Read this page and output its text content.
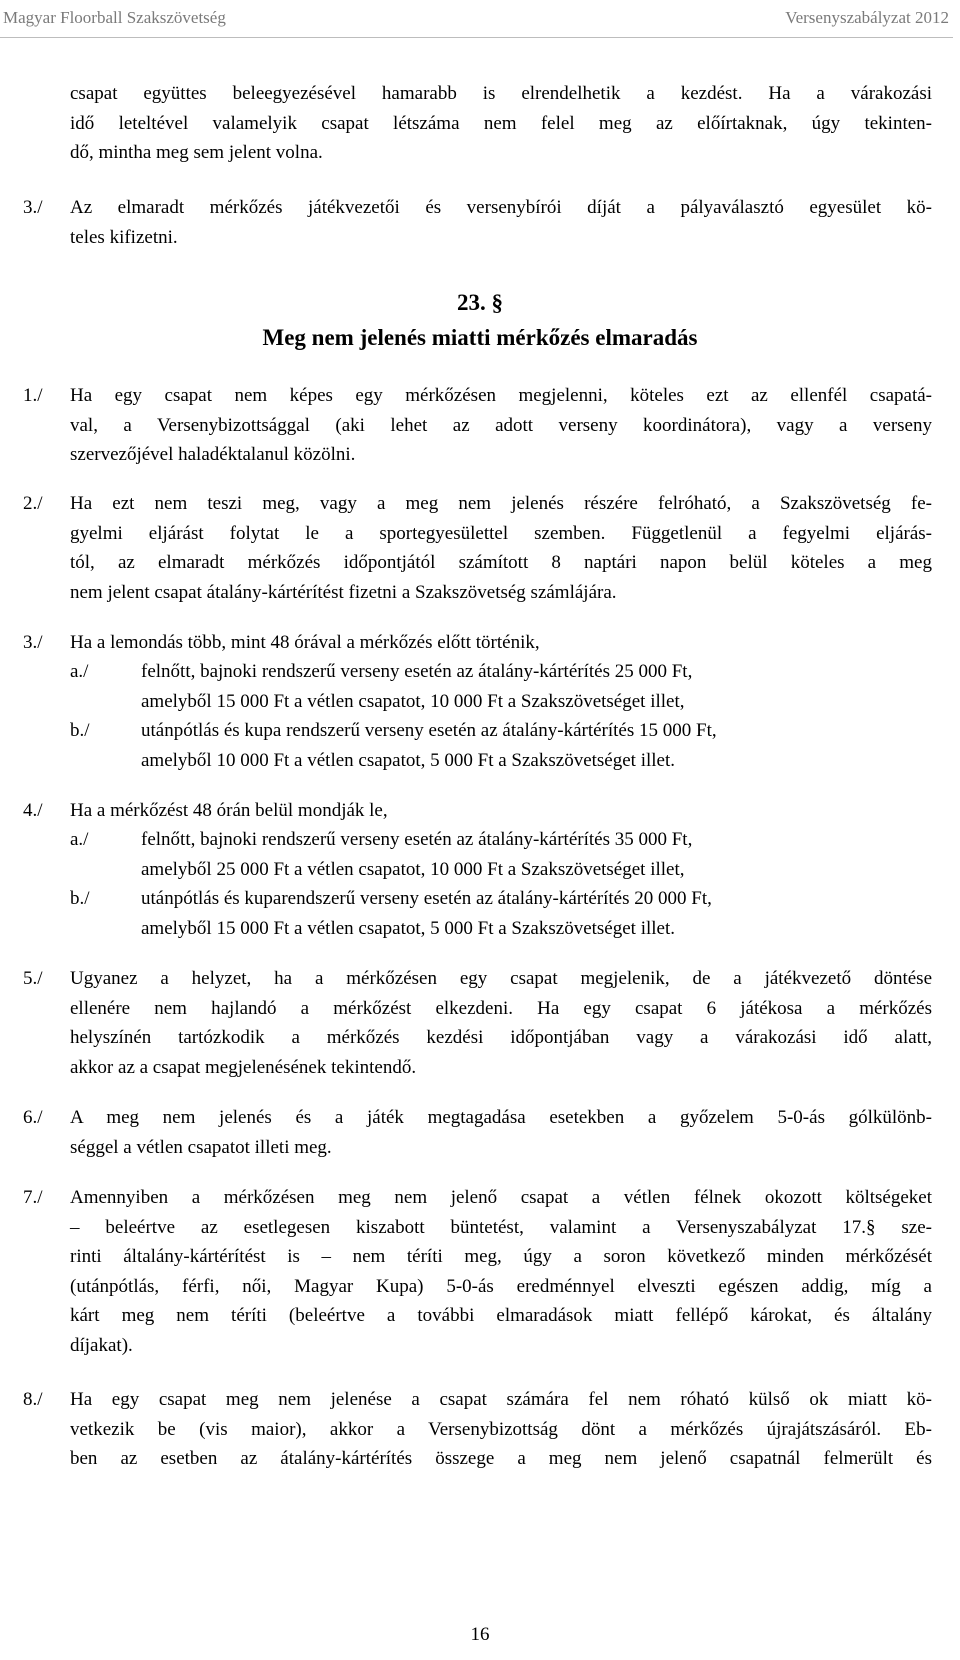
Magyar Floorball Szakszövetség	Versenyszabályzat 2012
csapat együttes beleegyezésével hamarabb is elrendelhetik a kezdést. Ha a várakozási
idő leteltével valamelyik csapat létszáma nem felel meg az előírtaknak, úgy tekinten-
dő, mintha meg sem jelent volna.
3./ Az elmaradt mérkőzés játékvezetői és versenybírói díját a pályaválasztó egyesület kö-
teles kifizetni.
23. §
Meg nem jelenés miatti mérkőzés elmaradás
1./ Ha egy csapat nem képes egy mérkőzésen megjelenni, köteles ezt az ellenfél csapatá-
val, a Versenybizottsággal (aki lehet az adott verseny koordinátora), vagy a verseny
szervezőjével haladéktalanul közölni.
2./ Ha ezt nem teszi meg, vagy a meg nem jelenés részére felróható, a Szakszövetség fe-
gyelmi eljárást folytat le a sportegyesülettel szemben. Függetlenül a fegyelmi eljárás-
tól, az elmaradt mérkőzés időpontjától számított 8 naptári napon belül köteles a meg
nem jelent csapat átalány-kártérítést fizetni a Szakszövetség számlájára.
3./ Ha a lemondás több, mint 48 órával a mérkőzés előtt történik,
a./	felnőtt, bajnoki rendszerű verseny esetén az átalány-kártérítés 25 000 Ft,
amelyből 15 000 Ft a vétlen csapatot, 10 000 Ft a Szakszövetséget illet,
b./	utánpótlás és kupa rendszerű verseny esetén az átalány-kártérítés 15 000 Ft,
amelyből 10 000 Ft a vétlen csapatot, 5 000 Ft a Szakszövetséget illet.
4./ Ha a mérkőzést 48 órán belül mondják le,
a./	felnőtt, bajnoki rendszerű verseny esetén az átalány-kártérítés 35 000 Ft,
amelyből 25 000 Ft a vétlen csapatot, 10 000 Ft a Szakszövetséget illet,
b./	utánpótlás és kuparendszerű verseny esetén az átalány-kártérítés 20 000 Ft,
amelyből 15 000 Ft a vétlen csapatot, 5 000 Ft a Szakszövetséget illet.
5./ Ugyanez a helyzet, ha a mérkőzésen egy csapat megjelenik, de a játékvezető döntése
ellenére nem hajlandó a mérkőzést elkezdeni. Ha egy csapat 6 játékosa a mérkőzés
helyszínén tartózkodik a mérkőzés kezdési időpontjában vagy a várakozási idő alatt,
akkor az a csapat megjelenésének tekintendő.
6./ A meg nem jelenés és a játék megtagadása esetekben a győzelem 5-0-ás gólkülönb-
séggel a vétlen csapatot illeti meg.
7./ Amennyiben a mérkőzésen meg nem jelenő csapat a vétlen félnek okozott költségeket
– beleértve az esetlegesen kiszabott büntetést, valamint a Versenyszabályzat 17.§ sze-
rinti általány-kártérítést is – nem téríti meg, úgy a soron következő minden mérkőzését
(utánpótlás, férfi, női, Magyar Kupa) 5-0-ás eredménnyel elveszti egészen addig, míg a
kárt meg nem téríti (beleértve a további elmaradások miatt fellépő károkat, és általány
díjakat).
8./ Ha egy csapat meg nem jelenése a csapat számára fel nem róható külső ok miatt kö-
vetkezik be (vis maior), akkor a Versenybizottság dönt a mérkőzés újrajátszásáról. Eb-
ben az esetben az átalány-kártérítés összege a meg nem jelenő csapatnál felmerült és
16
